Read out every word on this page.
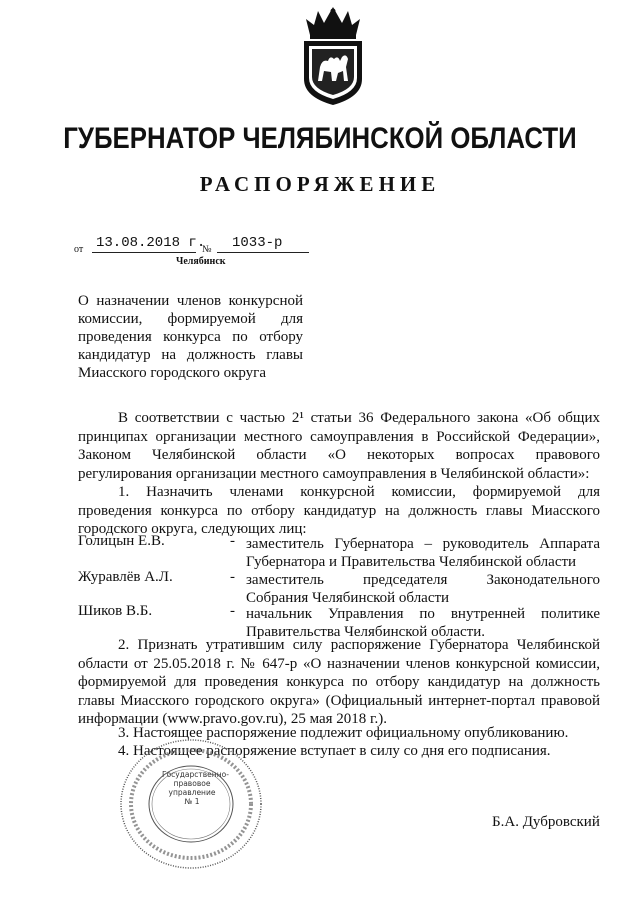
ГУБЕРНАТОР ЧЕЛЯБИНСКОЙ ОБЛАСТИ
РАСПОРЯЖЕНИЕ
от 13.08.2018 г.
№ 1033-р
Челябинск
О назначении членов конкурсной
комиссии, формируемой для
проведения конкурса по отбору
кандидатур на должность главы
Миасского городского округа
В соответствии с частью 2¹ статьи 36 Федерального закона «Об общих
принципах организации местного самоуправления в Российской Федерации»,
Законом Челябинской области «О некоторых вопросах правового
регулирования организации местного самоуправления в Челябинской области»:
1. Назначить членами конкурсной комиссии, формируемой для
проведения конкурса по отбору кандидатур на должность главы Миасского
городского округа, следующих лиц:
Голицын Е.В.	- заместитель Губернатора – руководитель Аппарата
Губернатора и Правительства Челябинской области
Журавлёв А.Л.	- заместитель председателя Законодательного
Собрания Челябинской области
Шиков В.Б.	- начальник Управления по внутренней политике
Правительства Челябинской области.
2. Признать утратившим силу распоряжение Губернатора Челябинской
области от 25.05.2018 г. № 647-р «О назначении членов конкурсной комиссии,
формируемой для проведения конкурса по отбору кандидатур на должность
главы Миасского городского округа» (Официальный интернет-портал правовой
информации (www.pravo.gov.ru), 25 мая 2018 г.).
3. Настоящее распоряжение подлежит официальному опубликованию.
4. Настоящее распоряжение вступает в силу со дня его подписания.
Государственно-
правовое
управление
№ 1
Б.А. Дубровский
